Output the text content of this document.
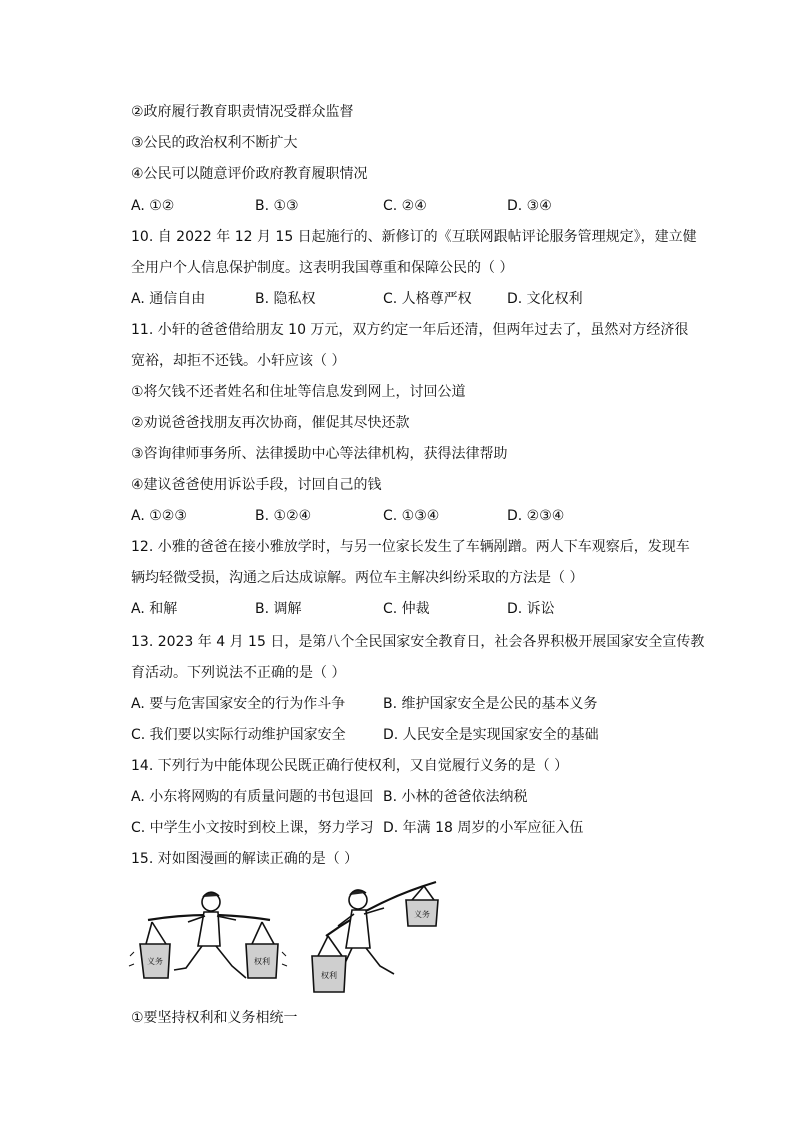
②政府履行教育职责情况受群众监督
③公民的政治权利不断扩大
④公民可以随意评价政府教育履职情况
A. ①②	B. ①③	C. ②④	D. ③④
10. 自 2022 年 12 月 15 日起施行的、新修订的《互联网跟帖评论服务管理规定》，建立健
全用户个人信息保护制度。这表明我国尊重和保障公民的（ ）
A. 通信自由	B. 隐私权	C. 人格尊严权	D. 文化权利
11. 小轩的爸爸借给朋友 10 万元，双方约定一年后还清，但两年过去了，虽然对方经济很
宽裕，却拒不还钱。小轩应该（ ）
①将欠钱不还者姓名和住址等信息发到网上，讨回公道
②劝说爸爸找朋友再次协商，催促其尽快还款
③咨询律师事务所、法律援助中心等法律机构，获得法律帮助
④建议爸爸使用诉讼手段，讨回自己的钱
A. ①②③	B. ①②④	C. ①③④	D. ②③④
12. 小雅的爸爸在接小雅放学时，与另一位家长发生了车辆剐蹭。两人下车观察后，发现车
辆均轻微受损，沟通之后达成谅解。两位车主解决纠纷采取的方法是（ ）
A. 和解	B. 调解	C. 仲裁	D. 诉讼
13. 2023 年 4 月 15 日，是第八个全民国家安全教育日，社会各界积极开展国家安全宣传教
育活动。下列说法不正确的是（ ）
A. 要与危害国家安全的行为作斗争	B. 维护国家安全是公民的基本义务
C. 我们要以实际行动维护国家安全	D. 人民安全是实现国家安全的基础
14. 下列行为中能体现公民既正确行使权利，又自觉履行义务的是（ ）
A. 小东将网购的有质量问题的书包退回 B. 小林的爸爸依法纳税
C. 中学生小文按时到校上课，努力学习 D. 年满 18 周岁的小军应征入伍
15. 对如图漫画的解读正确的是（ ）
义务	权利
权利
义务
①要坚持权利和义务相统一
